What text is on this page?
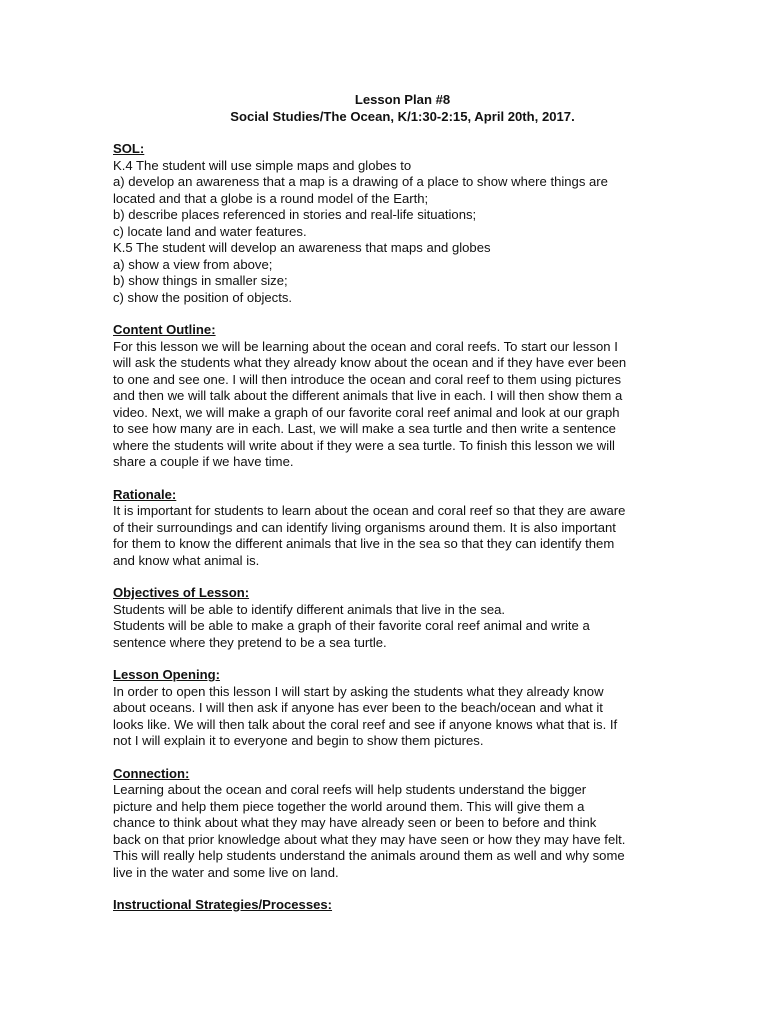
Lesson Plan #8

Social Studies/The Ocean, K/1:30-2:15, April 20th, 2017.

SOL:

K.4 The student will use simple maps and globes to

a) develop an awareness that a map is a drawing of a place to show where things are

located and that a globe is a round model of the Earth;

b) describe places referenced in stories and real-life situations;

c) locate land and water features.

K.5 The student will develop an awareness that maps and globes

a) show a view from above;

b) show things in smaller size;

c) show the position of objects.

Content Outline:

For this lesson we will be learning about the ocean and coral reefs. To start our lesson I

will ask the students what they already know about the ocean and if they have ever been

to one and see one. I will then introduce the ocean and coral reef to them using pictures

and then we will talk about the different animals that live in each. I will then show them a

video. Next, we will make a graph of our favorite coral reef animal and look at our graph

to see how many are in each. Last, we will make a sea turtle and then write a sentence

where the students will write about if they were a sea turtle. To finish this lesson we will

share a couple if we have time.

Rationale:

It is important for students to learn about the ocean and coral reef so that they are aware

of their surroundings and can identify living organisms around them. It is also important

for them to know the different animals that live in the sea so that they can identify them

and know what animal is.

Objectives of Lesson:

Students will be able to identify different animals that live in the sea.

Students will be able to make a graph of their favorite coral reef animal and write a

sentence where they pretend to be a sea turtle.

Lesson Opening:

In order to open this lesson I will start by asking the students what they already know

about oceans. I will then ask if anyone has ever been to the beach/ocean and what it

looks like. We will then talk about the coral reef and see if anyone knows what that is. If

not I will explain it to everyone and begin to show them pictures.

Connection:

Learning about the ocean and coral reefs will help students understand the bigger

picture and help them piece together the world around them. This will give them a

chance to think about what they may have already seen or been to before and think

back on that prior knowledge about what they may have seen or how they may have felt.

This will really help students understand the animals around them as well and why some

live in the water and some live on land.

Instructional Strategies/Processes:
